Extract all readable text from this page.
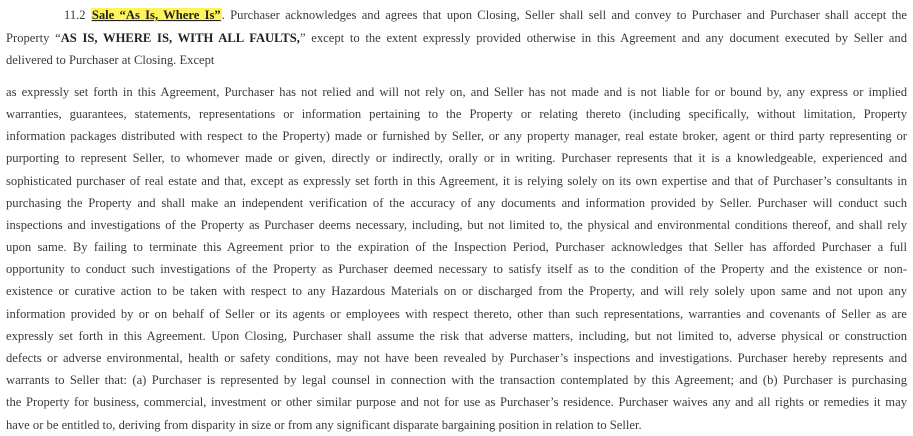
11.2 Sale “As Is, Where Is”. Purchaser acknowledges and agrees that upon Closing, Seller shall sell and convey to Purchaser and Purchaser shall accept the
Property “AS IS, WHERE IS, WITH ALL FAULTS,” except to the extent expressly provided otherwise in this Agreement and any document executed by Seller and
delivered to Purchaser at Closing. Except
as expressly set forth in this Agreement, Purchaser has not relied and will not rely on, and Seller has not made and is not liable for or bound by, any express or implied
warranties, guarantees, statements, representations or information pertaining to the Property or relating thereto (including specifically, without limitation, Property
information packages distributed with respect to the Property) made or furnished by Seller, or any property manager, real estate broker, agent or third party representing or
purporting to represent Seller, to whomever made or given, directly or indirectly, orally or in writing. Purchaser represents that it is a knowledgeable, experienced and
sophisticated purchaser of real estate and that, except as expressly set forth in this Agreement, it is relying solely on its own expertise and that of Purchaser’s consultants in
purchasing the Property and shall make an independent verification of the accuracy of any documents and information provided by Seller. Purchaser will conduct such
inspections and investigations of the Property as Purchaser deems necessary, including, but not limited to, the physical and environmental conditions thereof, and shall rely
upon same. By failing to terminate this Agreement prior to the expiration of the Inspection Period, Purchaser acknowledges that Seller has afforded Purchaser a full
opportunity to conduct such investigations of the Property as Purchaser deemed necessary to satisfy itself as to the condition of the Property and the existence or non-
existence or curative action to be taken with respect to any Hazardous Materials on or discharged from the Property, and will rely solely upon same and not upon any
information provided by or on behalf of Seller or its agents or employees with respect thereto, other than such representations, warranties and covenants of Seller as are
expressly set forth in this Agreement. Upon Closing, Purchaser shall assume the risk that adverse matters, including, but not limited to, adverse physical or construction
defects or adverse environmental, health or safety conditions, may not have been revealed by Purchaser’s inspections and investigations. Purchaser hereby represents and
warrants to Seller that: (a) Purchaser is represented by legal counsel in connection with the transaction contemplated by this Agreement; and (b) Purchaser is purchasing
the Property for business, commercial, investment or other similar purpose and not for use as Purchaser’s residence. Purchaser waives any and all rights or remedies it may
have or be entitled to, deriving from disparity in size or from any significant disparate bargaining position in relation to Seller.
